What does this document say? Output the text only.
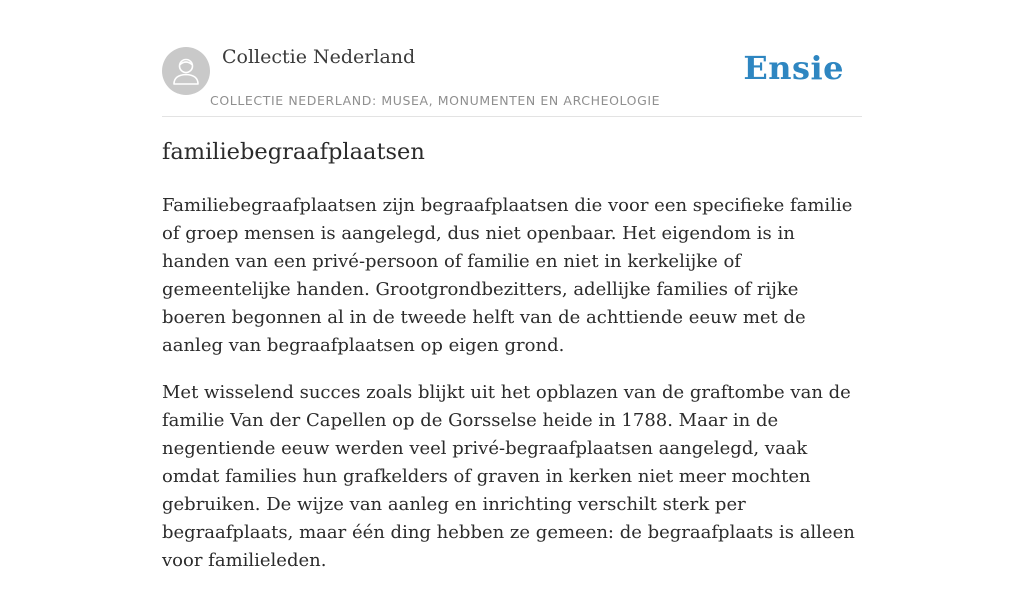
Collectie Nederland
COLLECTIE NEDERLAND: MUSEA, MONUMENTEN EN ARCHEOLOGIE
Ensie
familiebegraafplaatsen

Familiebegraafplaatsen zijn begraafplaatsen die voor een specifieke familie of groep mensen is aangelegd, dus niet openbaar. Het eigendom is in handen van een privé-persoon of familie en niet in kerkelijke of gemeentelijke handen. Grootgrondbezitters, adellijke families of rijke boeren begonnen al in de tweede helft van de achttiende eeuw met de aanleg van begraafplaatsen op eigen grond.

Met wisselend succes zoals blijkt uit het opblazen van de graftombe van de familie Van der Capellen op de Gorsselse heide in 1788. Maar in de negentiende eeuw werden veel privé-begraafplaatsen aangelegd, vaak omdat families hun grafkelders of graven in kerken niet meer mochten gebruiken. De wijze van aanleg en inrichting verschilt sterk per begraafplaats, maar één ding hebben ze gemeen: de begraafplaats is alleen voor familieleden.
